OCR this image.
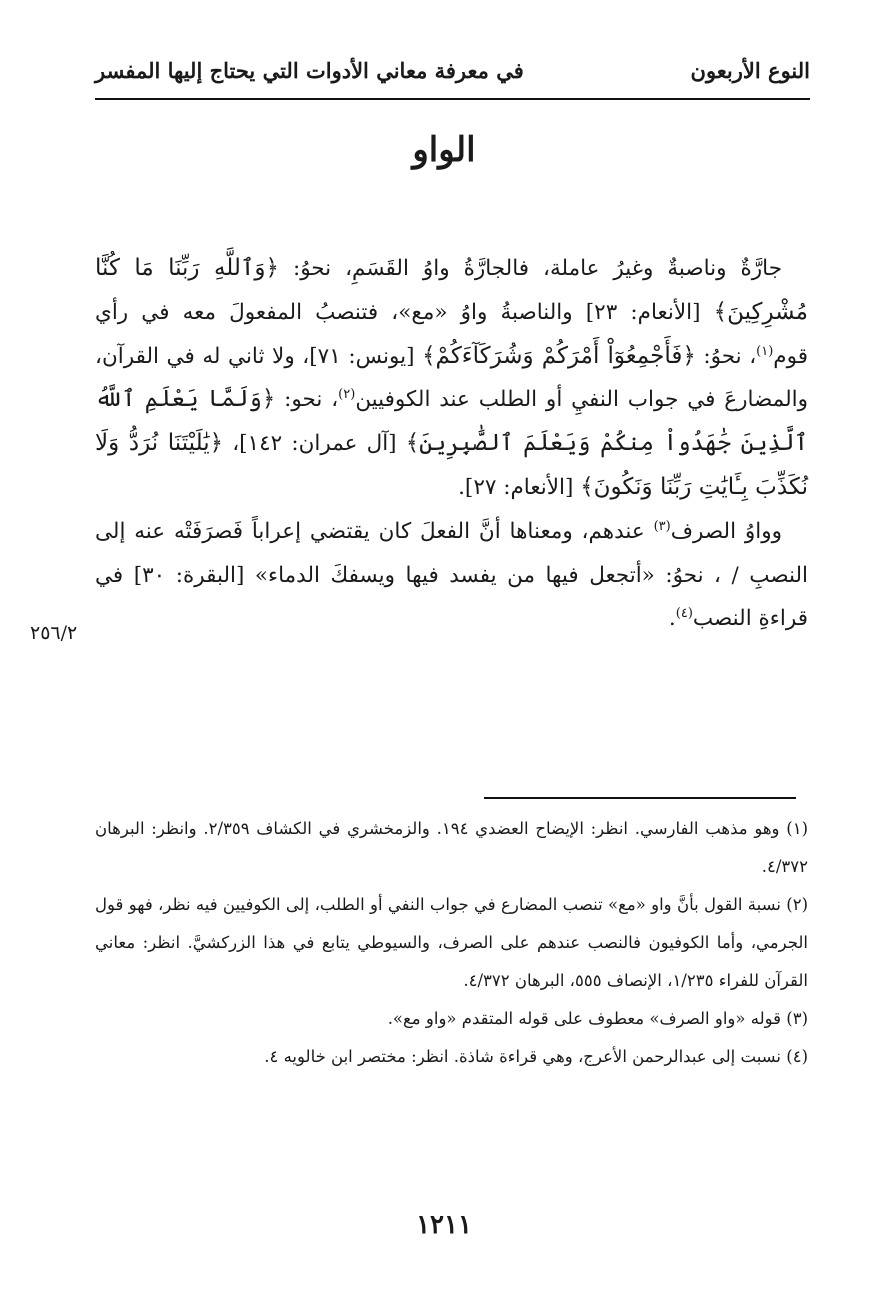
النوع الأربعون
في معرفة معاني الأدوات التي يحتاج إليها المفسر
الواو

جارَّةٌ وناصبةٌ وغيرُ عاملة، فالجارَّةُ واوُ القَسَمِ، نحوُ: ﴿وَٱللَّهِ رَبِّنَا مَا كُنَّا مُشْرِكِينَ﴾ [الأنعام: ٢٣] والناصبةُ واوُ «مع»، فتنصبُ المفعولَ معه في رأي قوم$^{(١)}$، نحوُ: ﴿فَأَجْمِعُوٓاْ أَمْرَكُمْ وَشُرَكَآءَكُمْ﴾ [يونس: ٧١]، ولا ثاني له في القرآن، والمضارعَ في جواب النفيِ أو الطلب عند الكوفيين$^{(٢)}$، نحو: ﴿وَلَمَّا يَعْلَمِ ٱللَّهُ ٱلَّذِينَ جَٰهَدُواْ مِنكُمْ وَيَعْلَمَ ٱلصَّٰبِرِينَ﴾ [آل عمران: ١٤٢]، ﴿يَٰلَيْتَنَا نُرَدُّ وَلَا نُكَذِّبَ بِـَٔايَٰتِ رَبِّنَا وَنَكُونَ﴾ [الأنعام: ٢٧].

وواوُ الصرف$^{(٣)}$ عندهم، ومعناها أنَّ الفعلَ كان يقتضي إعراباً فَصرَفَتْه عنه إلى النصبِ / ، نحوُ: «أتجعل فيها من يفسد فيها ويسفكَ الدماء» [البقرة: ٣٠] في قراءةِ النصب$^{(٤)}$.

٢٥٦/٢

(١) وهو مذهب الفارسي. انظر: الإيضاح العضدي ١٩٤. والزمخشري في الكشاف ٢/٣٥٩. وانظر: البرهان ٤/٣٧٢.

(٢) نسبة القول بأنَّ واو «مع» تنصب المضارع في جواب النفي أو الطلب، إلى الكوفيين فيه نظر، فهو قول الجرمي، وأما الكوفيون فالنصب عندهم على الصرف، والسيوطي يتابع في هذا الزركشيَّ. انظر: معاني القرآن للفراء ١/٢٣٥، الإنصاف ٥٥٥، البرهان ٤/٣٧٢.

(٣) قوله «واو الصرف» معطوف على قوله المتقدم «واو مع».

(٤) نسبت إلى عبدالرحمن الأعرج، وهي قراءة شاذة. انظر: مختصر ابن خالويه ٤.

١٢١١
